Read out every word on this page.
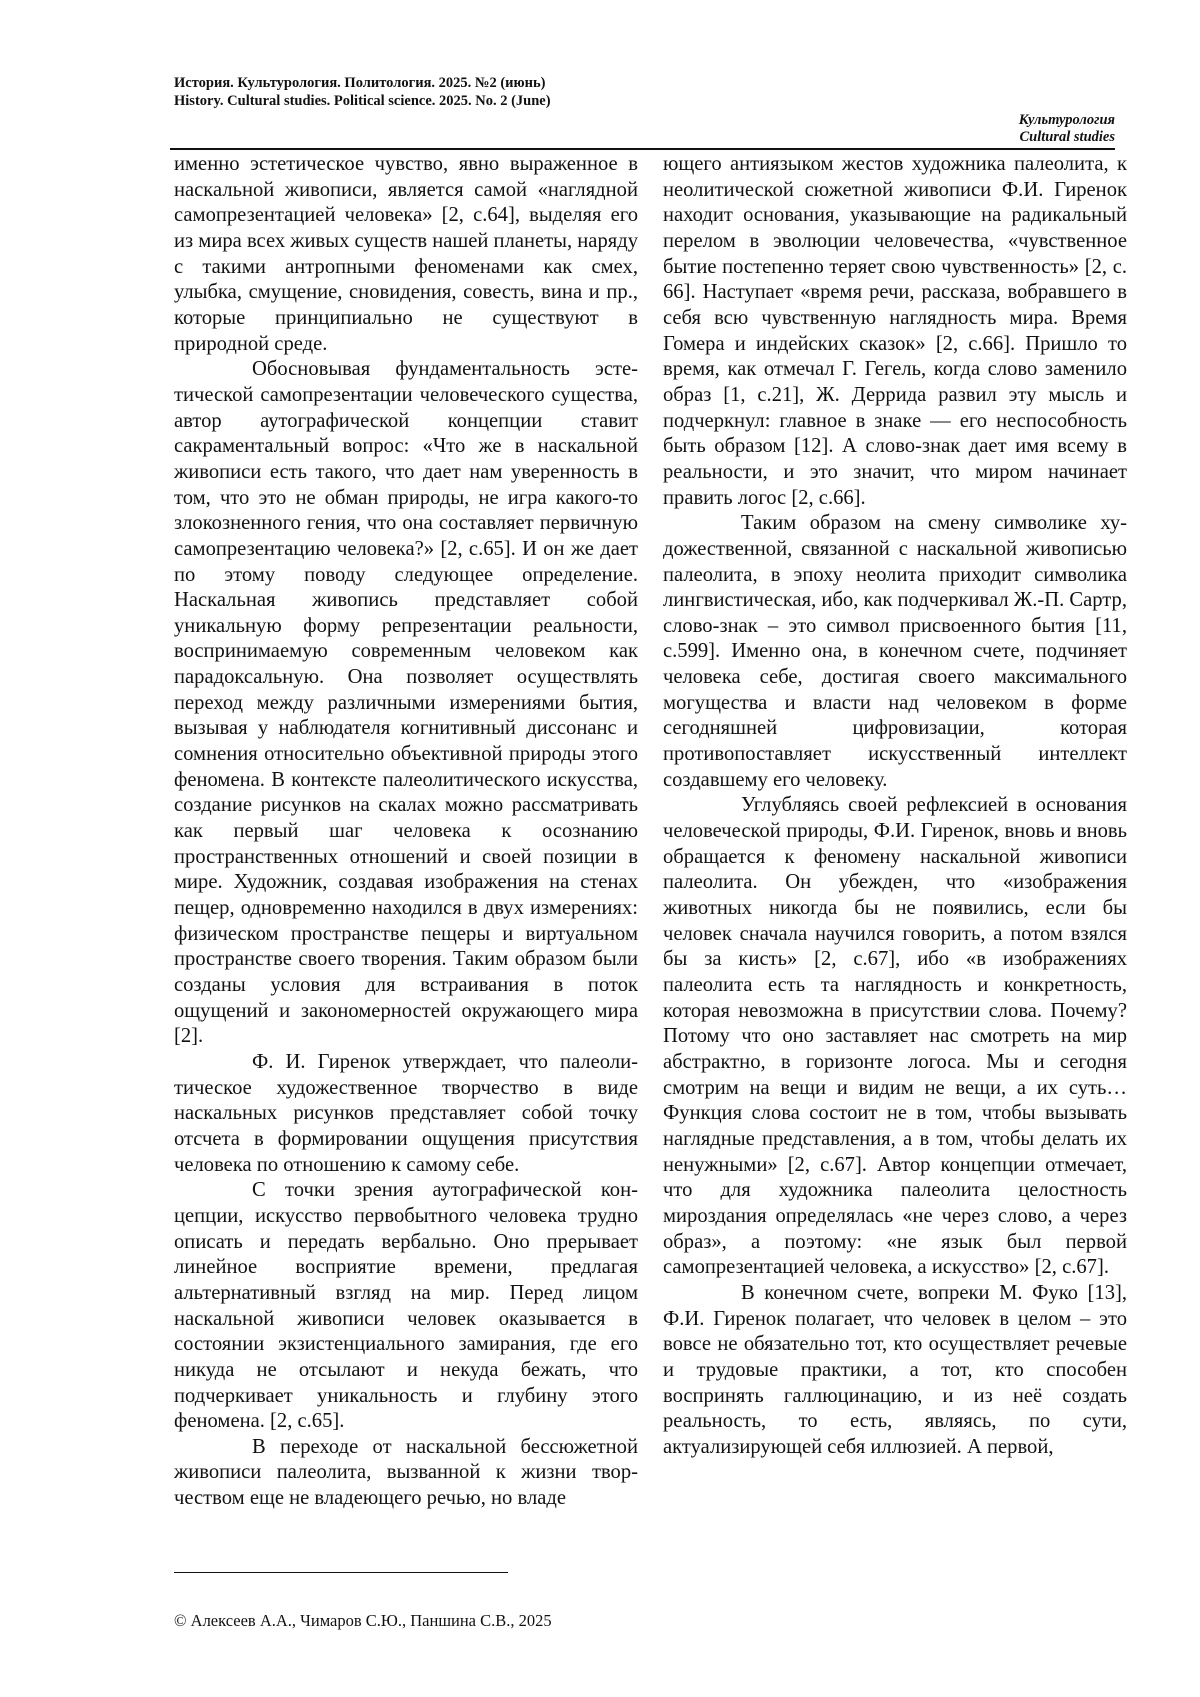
История. Культурология. Политология. 2025. №2 (июнь)
History. Cultural studies. Political science. 2025. No. 2 (June)
Культурология
Cultural studies

именно эстетическое чувство, явно выраженное в наскальной живописи, является самой «наглядной самопрезентацией человека» [2, с.64], выделяя его из мира всех живых существ нашей планеты, наряду с такими антропными феноменами как смех, улыбка, смущение, сновидения, совесть, вина и пр., которые принципиально не существуют в природной среде.

Обосновывая фундаментальность эстетической самопрезентации человеческого существа, автор аутографической концепции ставит сакраментальный вопрос: «Что же в наскальной живописи есть такого, что дает нам уверенность в том, что это не обман природы, не игра какого-то злокозненного гения, что она составляет первичную самопрезентацию человека?» [2, с.65]. И он же дает по этому поводу следующее определение. Наскальная живопись представляет собой уникальную форму репрезентации реальности, воспринимаемую современным человеком как парадоксальную. Она позволяет осуществлять переход между различными измерениями бытия, вызывая у наблюдателя когнитивный диссонанс и сомнения относительно объективной природы этого феномена. В контексте палеолитического искусства, создание рисунков на скалах можно рассматривать как первый шаг человека к осознанию пространственных отношений и своей позиции в мире. Художник, создавая изображения на стенах пещер, одновременно находился в двух измерениях: физическом пространстве пещеры и виртуальном пространстве своего творения. Таким образом были созданы условия для встраивания в поток ощущений и закономерностей окружающего мира [2].

Ф. И. Гиренок утверждает, что палеолитическое художественное творчество в виде наскальных рисунков представляет собой точку отсчета в формировании ощущения присутствия человека по отношению к самому себе.

С точки зрения аутографической концепции, искусство первобытного человека трудно описать и передать вербально. Оно прерывает линейное восприятие времени, предлагая альтернативный взгляд на мир. Перед лицом наскальной живописи человек оказывается в состоянии экзистенциального замирания, где его никуда не отсылают и некуда бежать, что подчеркивает уникальность и глубину этого феномена. [2, с.65].

В переходе от наскальной бессюжетной живописи палеолита, вызванной к жизни творчеством еще не владеющего речью, но владе

ющего антиязыком жестов художника палеолита, к неолитической сюжетной живописи Ф.И. Гиренок находит основания, указывающие на радикальный перелом в эволюции человечества, «чувственное бытие постепенно теряет свою чувственность» [2, с. 66]. Наступает «время речи, рассказа, вобравшего в себя всю чувственную наглядность мира. Время Гомера и индейских сказок» [2, с.66]. Пришло то время, как отмечал Г. Гегель, когда слово заменило образ [1, с.21], Ж. Деррида развил эту мысль и подчеркнул: главное в знаке — его неспособность быть образом [12]. А слово-знак дает имя всему в реальности, и это значит, что миром начинает править логос [2, с.66].

Таким образом на смену символике художественной, связанной с наскальной живописью палеолита, в эпоху неолита приходит символика лингвистическая, ибо, как подчеркивал Ж.-П. Сартр, слово-знак – это символ присвоенного бытия [11, с.599]. Именно она, в конечном счете, подчиняет человека себе, достигая своего максимального могущества и власти над человеком в форме сегодняшней цифровизации, которая противопоставляет искусственный интеллект создавшему его человеку.

Углубляясь своей рефлексией в основания человеческой природы, Ф.И. Гиренок, вновь и вновь обращается к феномену наскальной живописи палеолита. Он убежден, что «изображения животных никогда бы не появились, если бы человек сначала научился говорить, а потом взялся бы за кисть» [2, с.67], ибо «в изображениях палеолита есть та наглядность и конкретность, которая невозможна в присутствии слова. Почему? Потому что оно заставляет нас смотреть на мир абстрактно, в горизонте логоса. Мы и сегодня смотрим на вещи и видим не вещи, а их суть… Функция слова состоит не в том, чтобы вызывать наглядные представления, а в том, чтобы делать их ненужными» [2, с.67]. Автор концепции отмечает, что для художника палеолита целостность мироздания определялась «не через слово, а через образ», а поэтому: «не язык был первой самопрезентацией человека, а искусство» [2, с.67].

В конечном счете, вопреки М. Фуко [13], Ф.И. Гиренок полагает, что человек в целом – это вовсе не обязательно тот, кто осуществляет речевые и трудовые практики, а тот, кто способен воспринять галлюцинацию, и из неё создать реальность, то есть, являясь, по сути, актуализирующей себя иллюзией. А первой,

© Алексеев А.А., Чимаров С.Ю., Паншина С.В., 2025
